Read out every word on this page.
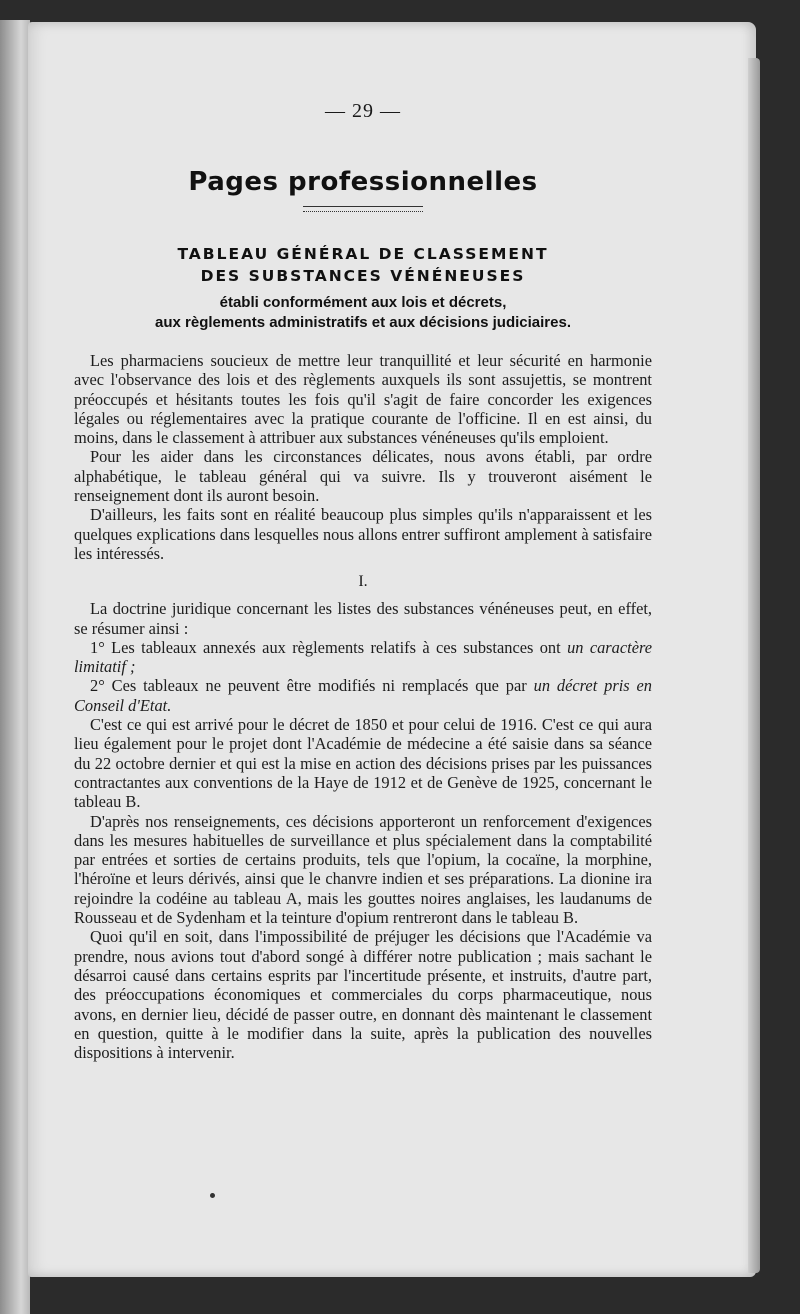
— 29 —

Pages professionnelles
TABLEAU GÉNÉRAL DE CLASSEMENT
DES SUBSTANCES VÉNÉNEUSES

établi conformément aux lois et décrets,
aux règlements administratifs et aux décisions judiciaires.

Les pharmaciens soucieux de mettre leur tranquillité et leur sécurité en harmonie avec l'observance des lois et des règlements auxquels ils sont assujettis, se montrent préoccupés et hésitants toutes les fois qu'il s'agit de faire concorder les exigences légales ou réglementaires avec la pratique courante de l'officine. Il en est ainsi, du moins, dans le classement à attribuer aux substances vénéneuses qu'ils emploient.

Pour les aider dans les circonstances délicates, nous avons établi, par ordre alphabétique, le tableau général qui va suivre. Ils y trouveront aisément le renseignement dont ils auront besoin.

D'ailleurs, les faits sont en réalité beaucoup plus simples qu'ils n'apparaissent et les quelques explications dans lesquelles nous allons entrer suffiront amplement à satisfaire les intéressés.

I.

La doctrine juridique concernant les listes des substances vénéneuses peut, en effet, se résumer ainsi :

1° Les tableaux annexés aux règlements relatifs à ces substances ont un caractère limitatif ;

2° Ces tableaux ne peuvent être modifiés ni remplacés que par un décret pris en Conseil d'Etat.

C'est ce qui est arrivé pour le décret de 1850 et pour celui de 1916. C'est ce qui aura lieu également pour le projet dont l'Académie de médecine a été saisie dans sa séance du 22 octobre dernier et qui est la mise en action des décisions prises par les puissances contractantes aux conventions de la Haye de 1912 et de Genève de 1925, concernant le tableau B.

D'après nos renseignements, ces décisions apporteront un renforcement d'exigences dans les mesures habituelles de surveillance et plus spécialement dans la comptabilité par entrées et sorties de certains produits, tels que l'opium, la cocaïne, la morphine, l'héroïne et leurs dérivés, ainsi que le chanvre indien et ses préparations. La dionine ira rejoindre la codéine au tableau A, mais les gouttes noires anglaises, les laudanums de Rousseau et de Sydenham et la teinture d'opium rentreront dans le tableau B.

Quoi qu'il en soit, dans l'impossibilité de préjuger les décisions que l'Académie va prendre, nous avions tout d'abord songé à différer notre publication ; mais sachant le désarroi causé dans certains esprits par l'incertitude présente, et instruits, d'autre part, des préoccupations économiques et commerciales du corps pharmaceutique, nous avons, en dernier lieu, décidé de passer outre, en donnant dès maintenant le classement en question, quitte à le modifier dans la suite, après la publication des nouvelles dispositions à intervenir.
